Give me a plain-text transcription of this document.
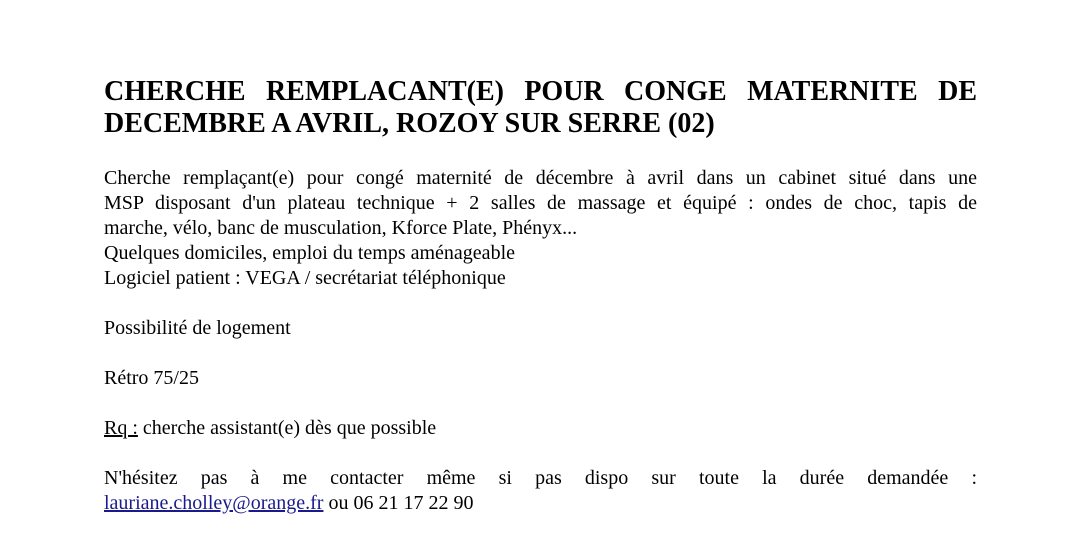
CHERCHE REMPLACANT(E) POUR CONGE MATERNITE DE
DECEMBRE A AVRIL, ROZOY SUR SERRE (02)
Cherche remplaçant(e) pour congé maternité de décembre à avril dans un cabinet situé dans une
MSP disposant d'un plateau technique + 2 salles de massage et équipé : ondes de choc, tapis de
marche, vélo, banc de musculation, Kforce Plate, Phényx...
Quelques domiciles, emploi du temps aménageable
Logiciel patient : VEGA / secrétariat téléphonique
Possibilité de logement
Rétro 75/25
Rq : cherche assistant(e) dès que possible
N'hésitez pas à me contacter même si pas dispo sur toute la durée demandée :
lauriane.cholley@orange.fr ou 06 21 17 22 90
